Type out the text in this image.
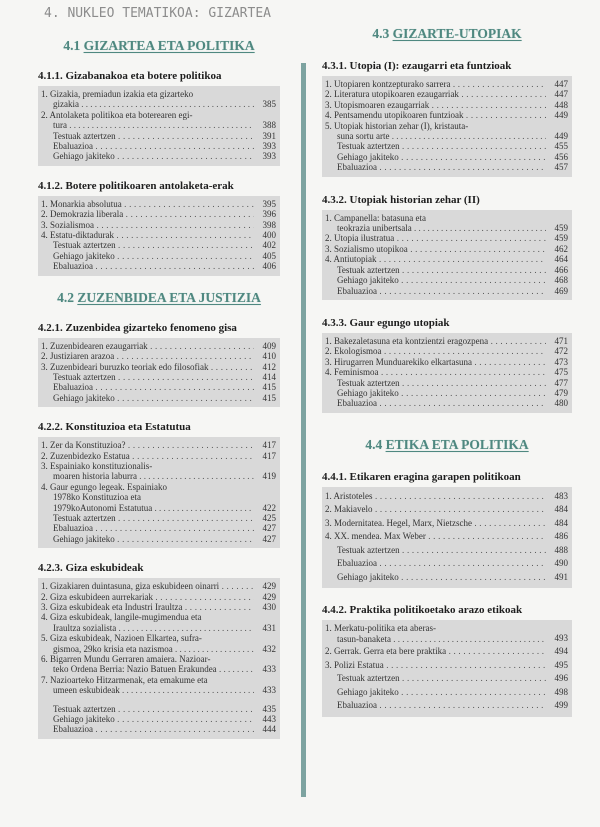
4. NUKLEO TEMATIKOA: GIZARTEA
4.1 GIZARTEA ETA POLITIKA
4.1.1. Gizabanakoa eta botere politikoa
1. Gizakia, premiadun izakia eta gizarteko
gizakia . . .	385
2. Antolaketa politikoa eta boterearen egi-
tura . . .	388
Testuak aztertzen . . .	391
Ebaluazioa . . .	393
Gehiago jakiteko . . .	393
4.1.2. Botere politikoaren antolaketa-erak
1. Monarkia absolutua . . .	395
2. Demokrazia liberala . . .	396
3. Sozialismoa . . .	398
4. Estatu-diktadurak . . .	400
Testuak aztertzen . . .	402
Gehiago jakiteko . . .	405
Ebaluazioa . . .	406
4.2 ZUZENBIDEA ETA JUSTIZIA
4.2.1. Zuzenbidea gizarteko fenomeno gisa
1. Zuzenbidearen ezaugarriak . . .	409
2. Justiziaren arazoa . . .	410
3. Zuzenbideari buruzko teoriak edo filosofiak . . .	412
Testuak aztertzen . . .	414
Ebaluazioa . . .	415
Gehiago jakiteko . . .	415
4.2.2. Konstituzioa eta Estatutua
1. Zer da Konstituzioa? . . .	417
2. Zuzenbidezko Estatua . . .	417
3. Espainiako konstituzionalis-
moaren historia laburra . . .	419
4. Gaur egungo legeak. Espainiako
1978ko Konstituzioa eta
1979koAutonomi Estatutua . . .	422
Testuak aztertzen . . .	425
Ebaluazioa . . .	427
Gehiago jakiteko . . .	427
4.2.3. Giza eskubideak
1. Gizakiaren duintasuna, giza eskubideen oinarri . . .	429
2. Giza eskubideen aurrekariak . . .	429
3. Giza eskubideak eta Industri Iraultza . . .	430
4. Giza eskubideak, langile-mugimendua eta
Iraultza sozialista . . .	431
5. Giza eskubideak, Nazioen Elkartea, sufra-
gismoa, 29ko krisia eta nazismoa . . .	432
6. Bigarren Mundu Gerraren amaiera. Nazioar-
teko Ordena Berria: Nazio Batuen Erakundea . . .	433
7. Nazioarteko Hitzarmenak, eta emakume eta
umeen eskubideak . . .	433
Testuak aztertzen . . .	435
Gehiago jakiteko . . .	443
Ebaluazioa . . .	444
4.3 GIZARTE-UTOPIAK
4.3.1. Utopia (I): ezaugarri eta funtzioak
1. Utopiaren kontzepturako sarrera . . .	447
2. Literatura utopikoaren ezaugarriak . . .	447
3. Utopismoaren ezaugarriak . . .	448
4. Pentsamendu utopikoaren funtzioak . . .	449
5. Utopiak historian zehar (I), kristauta-
suna sortu arte . . .	449
Testuak aztertzen . . .	455
Gehiago jakiteko . . .	456
Ebaluazioa . . .	457
4.3.2. Utopiak historian zehar (II)
1. Campanella: batasuna eta
teokrazia unibertsala . . .	459
2. Utopia ilustratua . . .	459
3. Sozialismo utopikoa . . .	462
4. Antiutopiak . . .	464
Testuak aztertzen . . .	466
Gehiago jakiteko . . .	468
Ebaluazioa . . .	469
4.3.3. Gaur egungo utopiak
1. Bakezaletasuna eta kontzientzi eragozpena . . .	471
2. Ekologismoa . . .	472
3. Hirugarren Munduarekiko elkartasuna . . .	473
4. Feminismoa . . .	475
Testuak aztertzen . . .	477
Gehiago jakiteko . . .	479
Ebaluazioa . . .	480
4.4 ETIKA ETA POLITIKA
4.4.1. Etikaren eragina garapen politikoan
1. Aristoteles . . .	483
2. Makiavelo . . .	484
3. Modernitatea. Hegel, Marx, Nietzsche . . .	484
4. XX. mendea. Max Weber . . .	486
Testuak aztertzen . . .	488
Ebaluazioa . . .	490
Gehiago jakiteko . . .	491
4.4.2. Praktika politikoetako arazo etikoak
1. Merkatu-politika eta aberas-
tasun-banaketa . . .	493
2. Gerrak. Gerra eta bere praktika . . .	494
3. Polizi Estatua . . .	495
Testuak aztertzen . . .	496
Gehiago jakiteko . . .	498
Ebaluazioa . . .	499
